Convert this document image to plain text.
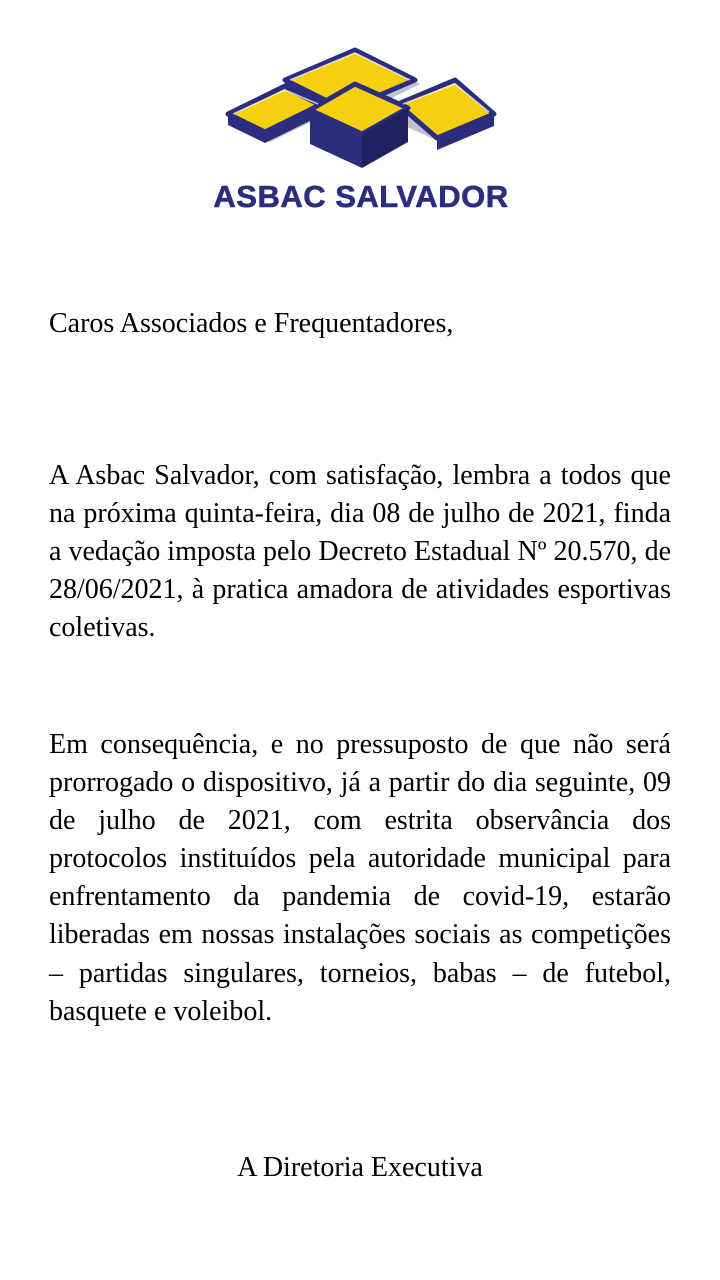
ASBAC SALVADOR

Caros Associados e Frequentadores,

A Asbac Salvador, com satisfação, lembra a todos que na próxima quinta-feira, dia 08 de julho de 2021, finda a vedação imposta pelo Decreto Estadual Nº 20.570, de 28/06/2021, à pratica amadora de atividades esportivas coletivas.

Em consequência, e no pressuposto de que não será prorrogado o dispositivo, já a partir do dia seguinte, 09 de julho de 2021, com estrita observância dos protocolos instituídos pela autoridade municipal para enfrentamento da pandemia de covid-19, estarão liberadas em nossas instalações sociais as competições – partidas singulares, torneios, babas – de futebol, basquete e voleibol.

A Diretoria Executiva
